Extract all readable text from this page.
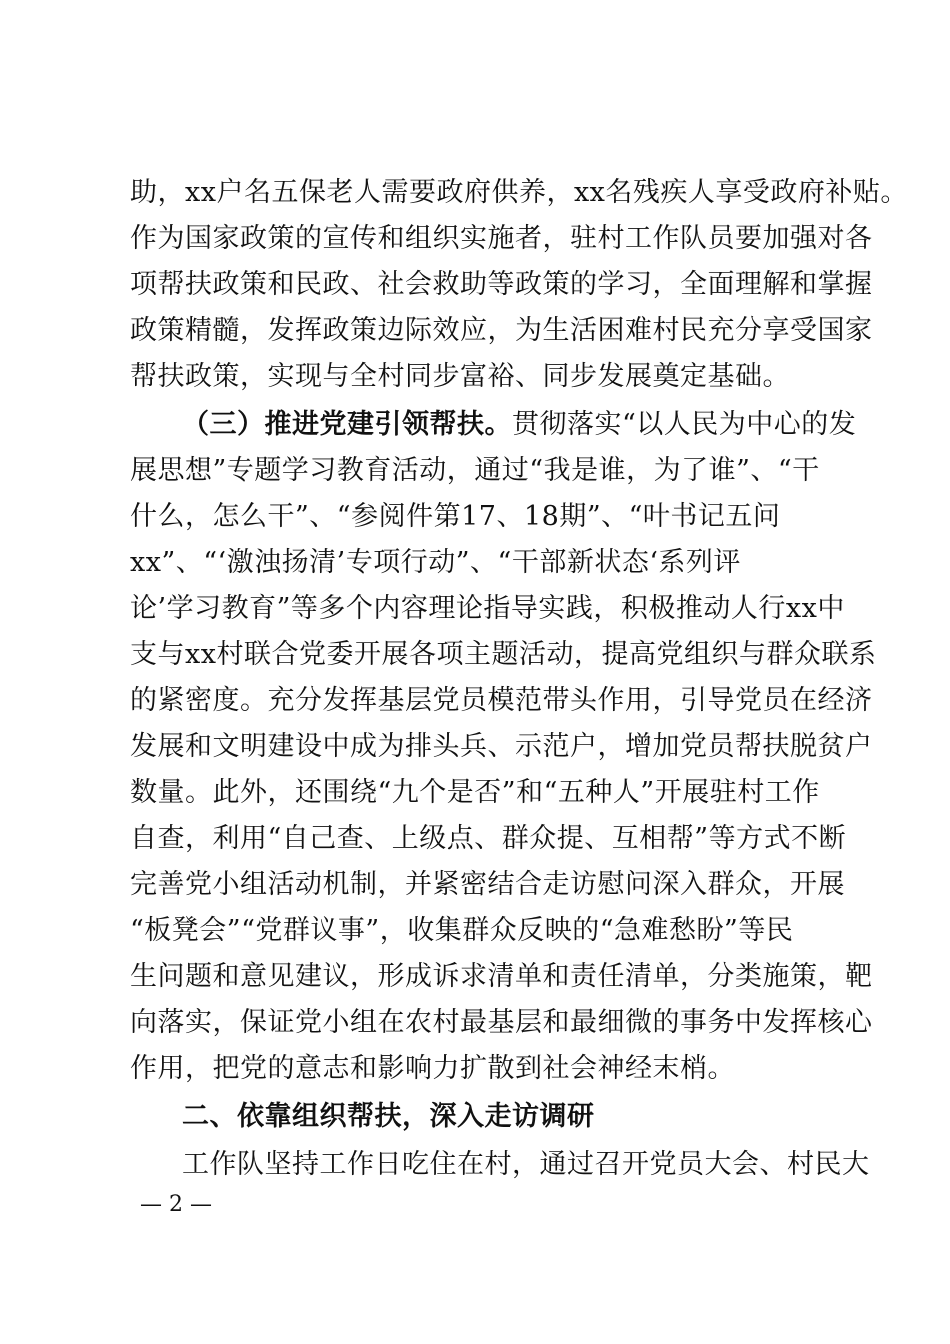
助，xx户名五保老人需要政府供养，xx名残疾人享受政府补贴。
作为国家政策的宣传和组织实施者，驻村工作队员要加强对各
项帮扶政策和民政、社会救助等政策的学习，全面理解和掌握
政策精髓，发挥政策边际效应，为生活困难村民充分享受国家
帮扶政策，实现与全村同步富裕、同步发展奠定基础。
（三）推进党建引领帮扶。贯彻落实“以人民为中心的发
展思想”专题学习教育活动，通过“我是谁，为了谁”、“干
什么，怎么干”、“参阅件第17、18期”、“叶书记五问
xx”、“‘激浊扬清’专项行动”、“干部新状态‘系列评
论’学习教育”等多个内容理论指导实践，积极推动人行xx中
支与xx村联合党委开展各项主题活动，提高党组织与群众联系
的紧密度。充分发挥基层党员模范带头作用，引导党员在经济
发展和文明建设中成为排头兵、示范户，增加党员帮扶脱贫户
数量。此外，还围绕“九个是否”和“五种人”开展驻村工作
自查，利用“自己查、上级点、群众提、互相帮”等方式不断
完善党小组活动机制，并紧密结合走访慰问深入群众，开展
“板凳会”“党群议事”，收集群众反映的“急难愁盼”等民
生问题和意见建议，形成诉求清单和责任清单，分类施策，靶
向落实，保证党小组在农村最基层和最细微的事务中发挥核心
作用，把党的意志和影响力扩散到社会神经末梢。
二、依靠组织帮扶，深入走访调研
工作队坚持工作日吃住在村，通过召开党员大会、村民大
— 2 —
